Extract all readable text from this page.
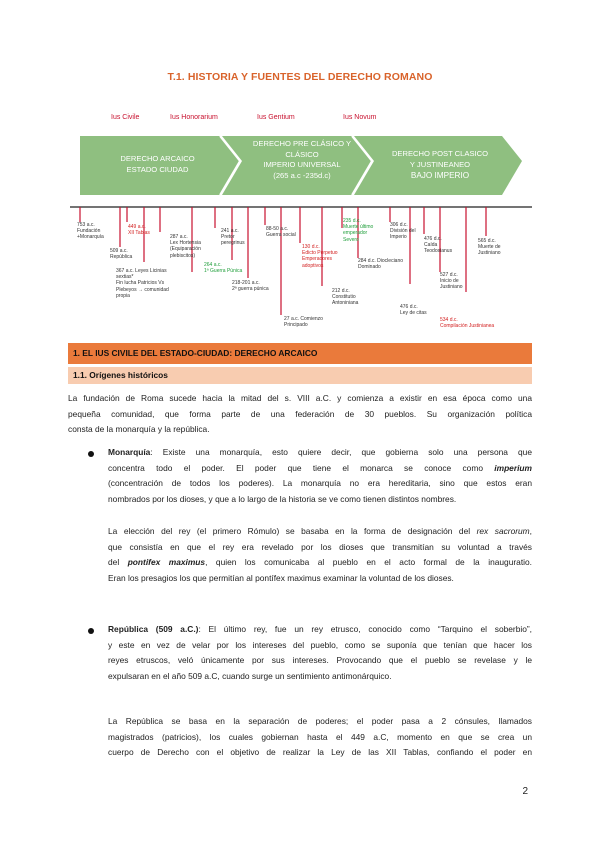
T.1. HISTORIA Y FUENTES DEL DERECHO ROMANO
Ius Civile	Ius Honorarium	Ius Gentium	Ius Novum
DERECHO ARCAICO
ESTADO CIUDAD
DERECHO PRE CLÁSICO Y
CLÁSICO
IMPERIO UNIVERSAL
(265 a.c -235d.c)
DERECHO POST CLASICO
Y JUSTINEANEO
BAJO IMPERIO
753 a.c.
Fundación
+Monarquía
509 a.c.
República
449 a.c.
XII Tablas
367 a.c. Leyes Licinias
sextias*
Fin lucha Patricios Vs
Plebeyos → comunidad
propia
287 a.c.
Lex Hortensia
(Equiparación
plebiscitos)
241 a.c.
Pretor
peregrinus
264 a.c.
1ª Guerra Púnica
218-201 a.c.
2ª guerra púnica
88-50 a.c.
Guerra social
130 d.c.
Edicto Perpetuo
Emperadores
adoptivos
27 a.c. Comienzo
Principado
235 d.c.
Muerte último
emperador
Severo
212 d.c.
Constitutio
Antoniniana
306 d.c.
División del
Imperio
284 d.c. Diocleciano
Dominado
476 d.c.
Caída
Teodosianus
527 d.c.
Inicio de
Justiniano
476 d.c.
Ley de citas
534 d.c.
Compilación Justinianea
565 d.c.
Muerte de
Justiniano
1. EL IUS CIVILE DEL ESTADO-CIUDAD: DERECHO ARCAICO
1.1. Orígenes históricos
La fundación de Roma sucede hacia la mitad del s. VIII a.C. y comienza a existir en esa época como una
pequeña comunidad, que forma parte de una federación de 30 pueblos. Su organización política
consta de la monarquía y la república.
Monarquía: Existe una monarquía, esto quiere decir, que gobierna solo una persona que
concentra todo el poder. El poder que tiene el monarca se conoce como imperium
(concentración de todos los poderes). La monarquía no era hereditaria, sino que estos eran
nombrados por los dioses, y que a lo largo de la historia se ve como tienen distintos nombres.
La elección del rey (el primero Rómulo) se basaba en la forma de designación del rex sacrorum,
que consistía en que el rey era revelado por los dioses que transmitían su voluntad a través
del pontifex maximus, quien los comunicaba al pueblo en el acto formal de la inauguratio.
Eran los presagios los que permitían al pontífex maximus examinar la voluntad de los dioses.
República (509 a.C.): El último rey, fue un rey etrusco, conocido como “Tarquino el soberbio”,
y este en vez de velar por los intereses del pueblo, como se suponía que tenían que hacer los
reyes etruscos, veló únicamente por sus intereses. Provocando que el pueblo se revelase y le
expulsaran en el año 509 a.C, cuando surge un sentimiento antimonárquico.
La República se basa en la separación de poderes; el poder pasa a 2 cónsules, llamados
magistrados (patricios), los cuales gobiernan hasta el 449 a.C, momento en que se crea un
cuerpo de Derecho con el objetivo de realizar la Ley de las XII Tablas, confiando el poder en
2
